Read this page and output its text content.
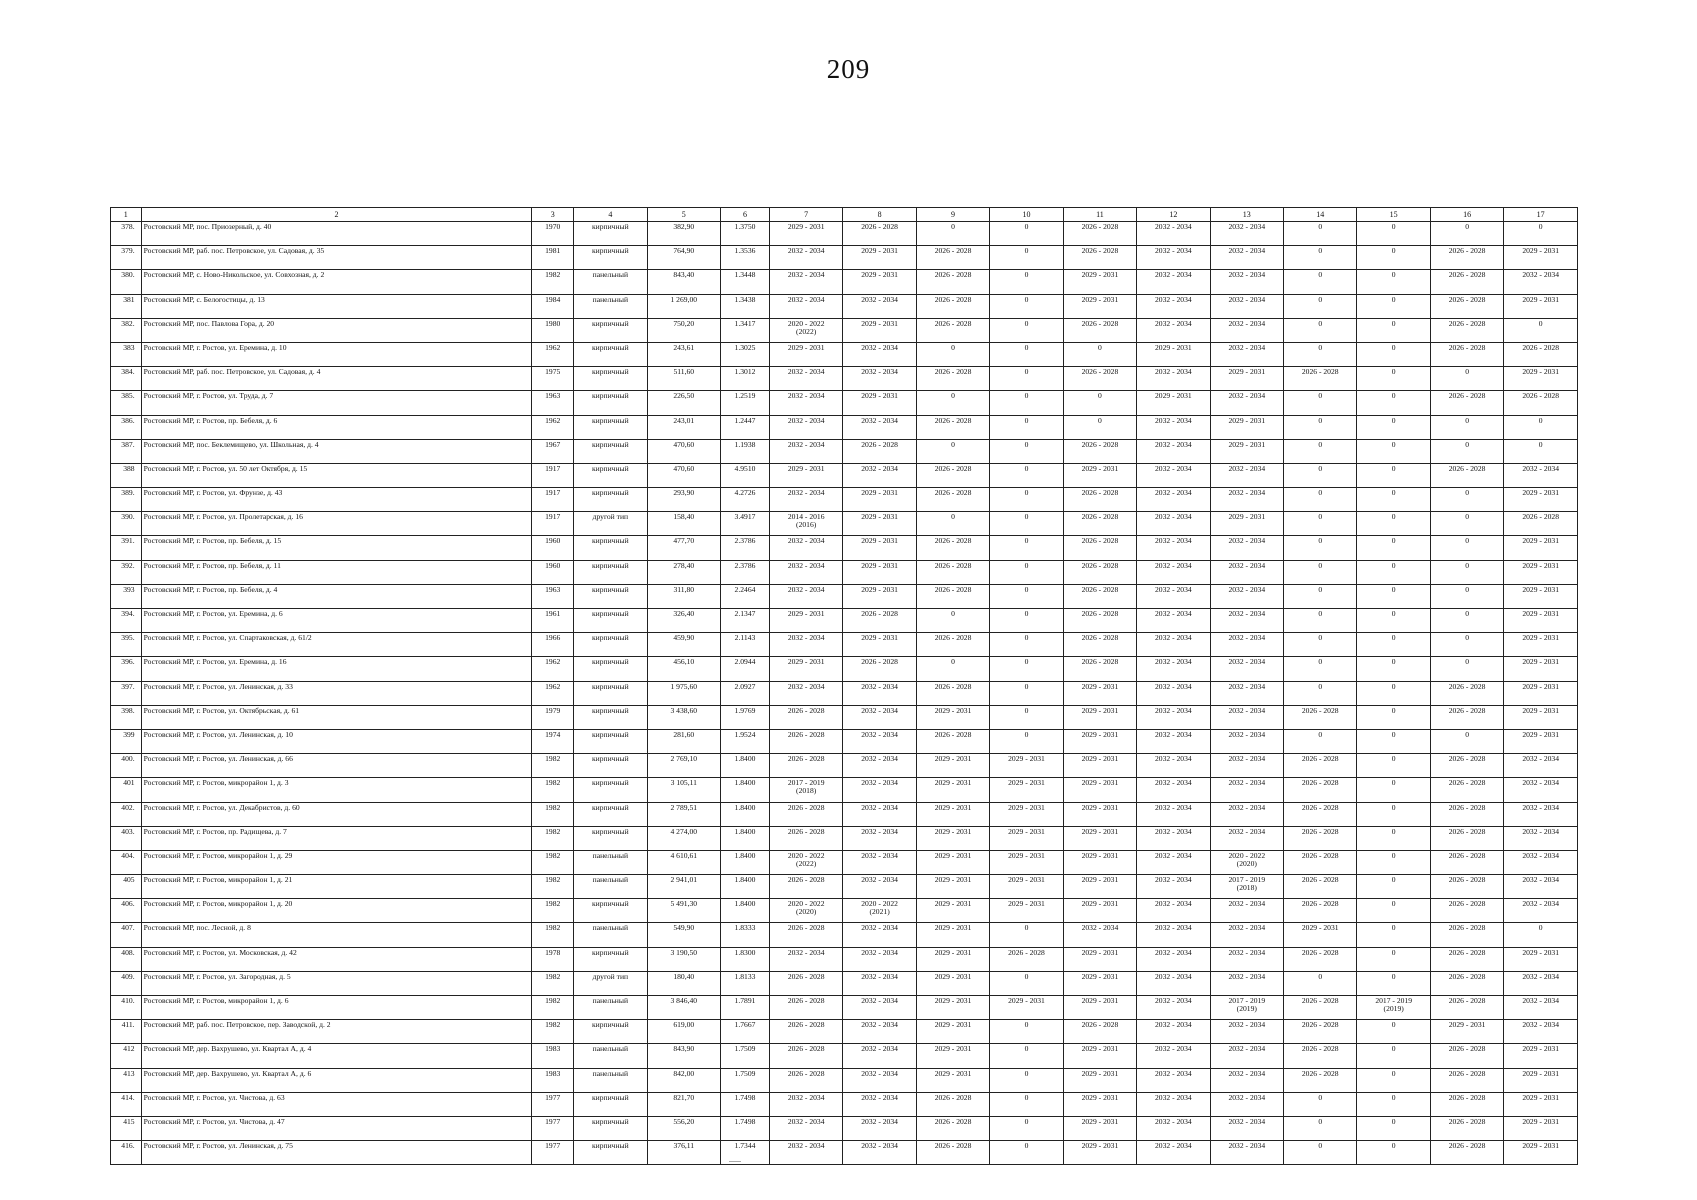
209
1	2	3	4	5	6	7	8	9	10	11	12	13	14	15	16	17

378.	Ростовский МР, пос. Приозерный, д. 40	1970	кирпичный	382,90	1.3750	2029 - 2031	2026 - 2028	0	0	2026 - 2028	2032 - 2034	2032 - 2034	0	0	0	0

379.	Ростовский МР, раб. пос. Петровское, ул. Садовая, д. 35	1981	кирпичный	764,90	1.3536	2032 - 2034	2029 - 2031	2026 - 2028	0	2026 - 2028	2032 - 2034	2032 - 2034	0	0	2026 - 2028	2029 - 2031

380.	Ростовский МР, с. Ново-Никольское, ул. Совхозная, д. 2	1982	панельный	843,40	1.3448	2032 - 2034	2029 - 2031	2026 - 2028	0	2029 - 2031	2032 - 2034	2032 - 2034	0	0	2026 - 2028	2032 - 2034

381	Ростовский МР, с. Белогостицы, д. 13	1984	панельный	1 269,00	1.3438	2032 - 2034	2032 - 2034	2026 - 2028	0	2029 - 2031	2032 - 2034	2032 - 2034	0	0	2026 - 2028	2029 - 2031

382.	Ростовский МР, пос. Павлова Гора, д. 20	1980	кирпичный	750,20	1.3417	2020 - 2022
(2022)	2029 - 2031	2026 - 2028	0	2026 - 2028	2032 - 2034	2032 - 2034	0	0	2026 - 2028	0

383	Ростовский МР, г. Ростов, ул. Еремина, д. 10	1962	кирпичный	243,61	1.3025	2029 - 2031	2032 - 2034	0	0	0	2029 - 2031	2032 - 2034	0	0	2026 - 2028	2026 - 2028

384.	Ростовский МР, раб. пос. Петровское, ул. Садовая, д. 4	1975	кирпичный	511,60	1.3012	2032 - 2034	2032 - 2034	2026 - 2028	0	2026 - 2028	2032 - 2034	2029 - 2031	2026 - 2028	0	0	2029 - 2031

385.	Ростовский МР, г. Ростов, ул. Труда, д. 7	1963	кирпичный	226,50	1.2519	2032 - 2034	2029 - 2031	0	0	0	2029 - 2031	2032 - 2034	0	0	2026 - 2028	2026 - 2028

386.	Ростовский МР, г. Ростов, пр. Бебеля, д. 6	1962	кирпичный	243,01	1.2447	2032 - 2034	2032 - 2034	2026 - 2028	0	0	2032 - 2034	2029 - 2031	0	0	0	0

387.	Ростовский МР, пос. Беклемищево, ул. Школьная, д. 4	1967	кирпичный	470,60	1.1938	2032 - 2034	2026 - 2028	0	0	2026 - 2028	2032 - 2034	2029 - 2031	0	0	0	0

388	Ростовский МР, г. Ростов, ул. 50 лет Октября, д. 15	1917	кирпичный	470,60	4.9510	2029 - 2031	2032 - 2034	2026 - 2028	0	2029 - 2031	2032 - 2034	2032 - 2034	0	0	2026 - 2028	2032 - 2034

389.	Ростовский МР, г. Ростов, ул. Фрунзе, д. 43	1917	кирпичный	293,90	4.2726	2032 - 2034	2029 - 2031	2026 - 2028	0	2026 - 2028	2032 - 2034	2032 - 2034	0	0	0	2029 - 2031

390.	Ростовский МР, г. Ростов, ул. Пролетарская, д. 16	1917	другой тип	158,40	3.4917	2014 - 2016
(2016)	2029 - 2031	0	0	2026 - 2028	2032 - 2034	2029 - 2031	0	0	0	2026 - 2028

391.	Ростовский МР, г. Ростов, пр. Бебеля, д. 15	1960	кирпичный	477,70	2.3786	2032 - 2034	2029 - 2031	2026 - 2028	0	2026 - 2028	2032 - 2034	2032 - 2034	0	0	0	2029 - 2031

392.	Ростовский МР, г. Ростов, пр. Бебеля, д. 11	1960	кирпичный	278,40	2.3786	2032 - 2034	2029 - 2031	2026 - 2028	0	2026 - 2028	2032 - 2034	2032 - 2034	0	0	0	2029 - 2031

393	Ростовский МР, г. Ростов, пр. Бебеля, д. 4	1963	кирпичный	311,80	2.2464	2032 - 2034	2029 - 2031	2026 - 2028	0	2026 - 2028	2032 - 2034	2032 - 2034	0	0	0	2029 - 2031

394.	Ростовский МР, г. Ростов, ул. Еремина, д. 6	1961	кирпичный	326,40	2.1347	2029 - 2031	2026 - 2028	0	0	2026 - 2028	2032 - 2034	2032 - 2034	0	0	0	2029 - 2031

395.	Ростовский МР, г. Ростов, ул. Спартаковская, д. 61/2	1966	кирпичный	459,90	2.1143	2032 - 2034	2029 - 2031	2026 - 2028	0	2026 - 2028	2032 - 2034	2032 - 2034	0	0	0	2029 - 2031

396.	Ростовский МР, г. Ростов, ул. Еремина, д. 16	1962	кирпичный	456,10	2.0944	2029 - 2031	2026 - 2028	0	0	2026 - 2028	2032 - 2034	2032 - 2034	0	0	0	2029 - 2031

397.	Ростовский МР, г. Ростов, ул. Ленинская, д. 33	1962	кирпичный	1 975,60	2.0927	2032 - 2034	2032 - 2034	2026 - 2028	0	2029 - 2031	2032 - 2034	2032 - 2034	0	0	2026 - 2028	2029 - 2031

398.	Ростовский МР, г. Ростов, ул. Октябрьская, д. 61	1979	кирпичный	3 438,60	1.9769	2026 - 2028	2032 - 2034	2029 - 2031	0	2029 - 2031	2032 - 2034	2032 - 2034	2026 - 2028	0	2026 - 2028	2029 - 2031

399	Ростовский МР, г. Ростов, ул. Ленинская, д. 10	1974	кирпичный	281,60	1.9524	2026 - 2028	2032 - 2034	2026 - 2028	0	2029 - 2031	2032 - 2034	2032 - 2034	0	0	0	2029 - 2031

400.	Ростовский МР, г. Ростов, ул. Ленинская, д. 66	1982	кирпичный	2 769,10	1.8400	2026 - 2028	2032 - 2034	2029 - 2031	2029 - 2031	2029 - 2031	2032 - 2034	2032 - 2034	2026 - 2028	0	2026 - 2028	2032 - 2034

401	Ростовский МР, г. Ростов, микрорайон 1, д. 3	1982	кирпичный	3 105,11	1.8400	2017 - 2019
(2018)	2032 - 2034	2029 - 2031	2029 - 2031	2029 - 2031	2032 - 2034	2032 - 2034	2026 - 2028	0	2026 - 2028	2032 - 2034

402.	Ростовский МР, г. Ростов, ул. Декабристов, д. 60	1982	кирпичный	2 789,51	1.8400	2026 - 2028	2032 - 2034	2029 - 2031	2029 - 2031	2029 - 2031	2032 - 2034	2032 - 2034	2026 - 2028	0	2026 - 2028	2032 - 2034

403.	Ростовский МР, г. Ростов, пр. Радищева, д. 7	1982	кирпичный	4 274,00	1.8400	2026 - 2028	2032 - 2034	2029 - 2031	2029 - 2031	2029 - 2031	2032 - 2034	2032 - 2034	2026 - 2028	0	2026 - 2028	2032 - 2034

404.	Ростовский МР, г. Ростов, микрорайон 1, д. 29	1982	панельный	4 610,61	1.8400	2020 - 2022
(2022)	2032 - 2034	2029 - 2031	2029 - 2031	2029 - 2031	2032 - 2034	2020 - 2022
(2020)	2026 - 2028	0	2026 - 2028	2032 - 2034

405	Ростовский МР, г. Ростов, микрорайон 1, д. 21	1982	панельный	2 941,01	1.8400	2026 - 2028	2032 - 2034	2029 - 2031	2029 - 2031	2029 - 2031	2032 - 2034	2017 - 2019
(2018)	2026 - 2028	0	2026 - 2028	2032 - 2034

406.	Ростовский МР, г. Ростов, микрорайон 1, д. 20	1982	кирпичный	5 491,30	1.8400	2020 - 2022
(2020)	2020 - 2022
(2021)	2029 - 2031	2029 - 2031	2029 - 2031	2032 - 2034	2032 - 2034	2026 - 2028	0	2026 - 2028	2032 - 2034

407.	Ростовский МР, пос. Лесной, д. 8	1982	панельный	549,90	1.8333	2026 - 2028	2032 - 2034	2029 - 2031	0	2032 - 2034	2032 - 2034	2032 - 2034	2029 - 2031	0	2026 - 2028	0

408.	Ростовский МР, г. Ростов, ул. Московская, д. 42	1978	кирпичный	3 190,50	1.8300	2032 - 2034	2032 - 2034	2029 - 2031	2026 - 2028	2029 - 2031	2032 - 2034	2032 - 2034	2026 - 2028	0	2026 - 2028	2029 - 2031

409.	Ростовский МР, г. Ростов, ул. Загородная, д. 5	1982	другой тип	180,40	1.8133	2026 - 2028	2032 - 2034	2029 - 2031	0	2029 - 2031	2032 - 2034	2032 - 2034	0	0	2026 - 2028	2032 - 2034

410.	Ростовский МР, г. Ростов, микрорайон 1, д. 6	1982	панельный	3 846,40	1.7891	2026 - 2028	2032 - 2034	2029 - 2031	2029 - 2031	2029 - 2031	2032 - 2034	2017 - 2019
(2019)	2026 - 2028	2017 - 2019
(2019)	2026 - 2028	2032 - 2034

411.	Ростовский МР, раб. пос. Петровское, пер. Заводской, д. 2	1982	кирпичный	619,00	1.7667	2026 - 2028	2032 - 2034	2029 - 2031	0	2026 - 2028	2032 - 2034	2032 - 2034	2026 - 2028	0	2029 - 2031	2032 - 2034

412	Ростовский МР, дер. Вахрушево, ул. Квартал А, д. 4	1983	панельный	843,90	1.7509	2026 - 2028	2032 - 2034	2029 - 2031	0	2029 - 2031	2032 - 2034	2032 - 2034	2026 - 2028	0	2026 - 2028	2029 - 2031

413	Ростовский МР, дер. Вахрушево, ул. Квартал А, д. 6	1983	панельный	842,00	1.7509	2026 - 2028	2032 - 2034	2029 - 2031	0	2029 - 2031	2032 - 2034	2032 - 2034	2026 - 2028	0	2026 - 2028	2029 - 2031

414.	Ростовский МР, г. Ростов, ул. Чистова, д. 63	1977	кирпичный	821,70	1.7498	2032 - 2034	2032 - 2034	2026 - 2028	0	2029 - 2031	2032 - 2034	2032 - 2034	0	0	2026 - 2028	2029 - 2031

415	Ростовский МР, г. Ростов, ул. Чистова, д. 47	1977	кирпичный	556,20	1.7498	2032 - 2034	2032 - 2034	2026 - 2028	0	2029 - 2031	2032 - 2034	2032 - 2034	0	0	2026 - 2028	2029 - 2031

416.	Ростовский МР, г. Ростов, ул. Ленинская, д. 75	1977	кирпичный	376,11	1.7344	2032 - 2034	2032 - 2034	2026 - 2028	0	2029 - 2031	2032 - 2034	2032 - 2034	0	0	2026 - 2028	2029 - 2031
